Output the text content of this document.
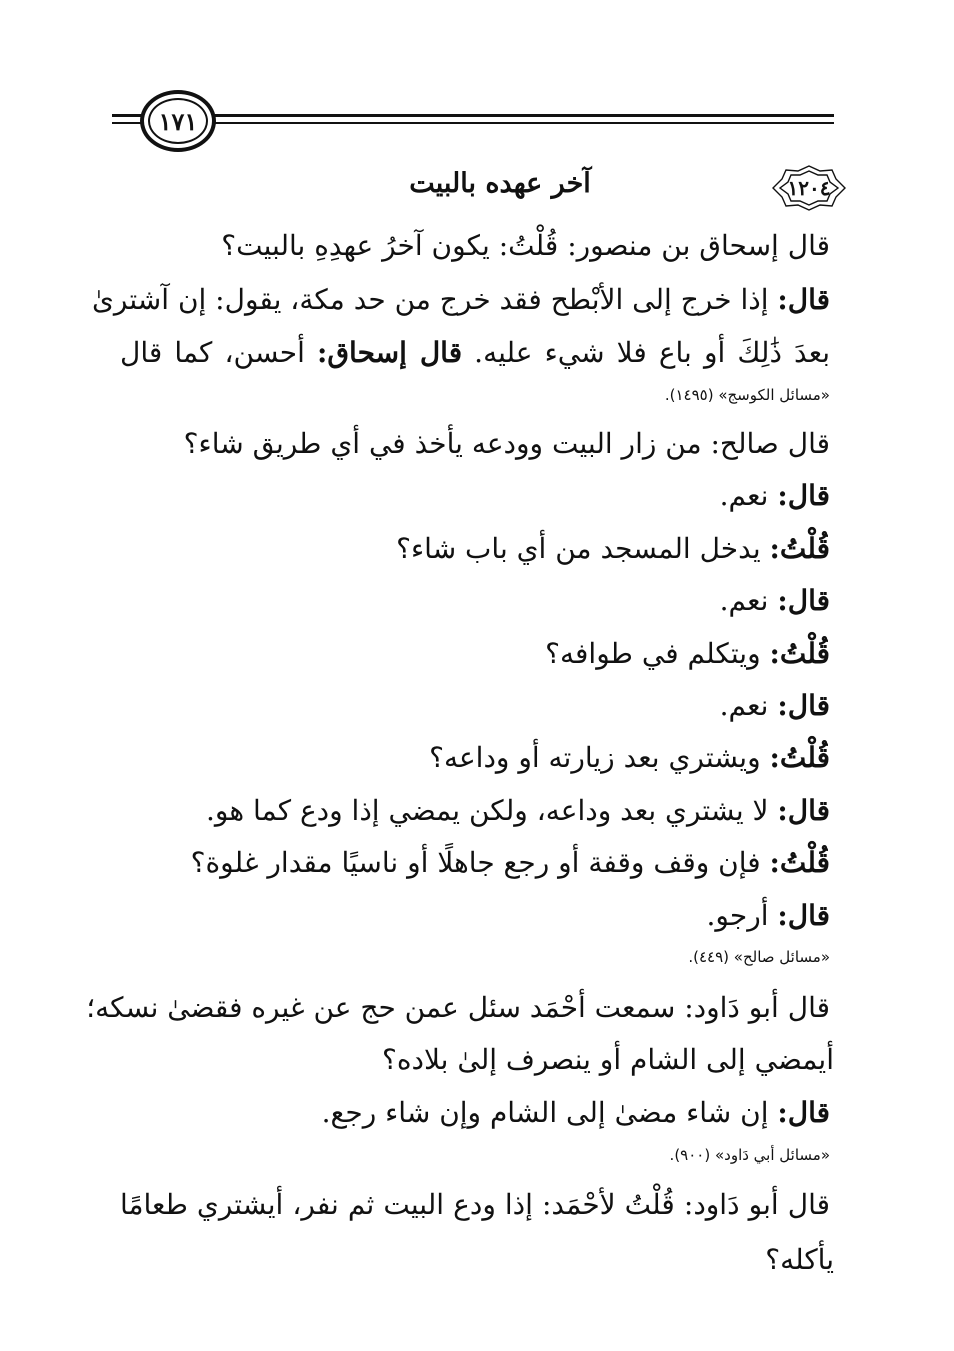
١٧١
آخر عهده بالبيت	١٢٠٤
قال إسحاق بن منصور: قُلْتُ: يكون آخرُ عهدِهِ بالبيت؟
قال: إذا خرج إلى الأبْطح فقد خرج من حد مكة، يقول: إن آشترىٰ
بعدَ ذَٰلِكَ أو باع فلا شيء عليه. قال إسحاق: أحسن، كما قال
«مسائل الكوسج» (١٤٩٥).
قال صالح: من زار البيت وودعه يأخذ في أي طريق شاء؟
قال: نعم.
قُلْتُ: يدخل المسجد من أي باب شاء؟
قال: نعم.
قُلْتُ: ويتكلم في طوافه؟
قال: نعم.
قُلْتُ: ويشتري بعد زيارته أو وداعه؟
قال: لا يشتري بعد وداعه، ولكن يمضي إذا ودع كما هو.
قُلْتُ: فإن وقف وقفة أو رجع جاهلًا أو ناسيًا مقدار غلوة؟
قال: أرجو.
«مسائل صالح» (٤٤٩).
قال أبو دَاود: سمعت أحْمَد سئل عمن حج عن غيره فقضىٰ نسكه؛
أيمضي إلى الشام أو ينصرف إلىٰ بلاده؟
قال: إن شاء مضىٰ إلى الشام وإن شاء رجع.
«مسائل أبي دَاود» (٩٠٠).
قال أبو دَاود: قُلْتُ لأحْمَد: إذا ودع البيت ثم نفر، أيشتري طعامًا
يأكله؟
